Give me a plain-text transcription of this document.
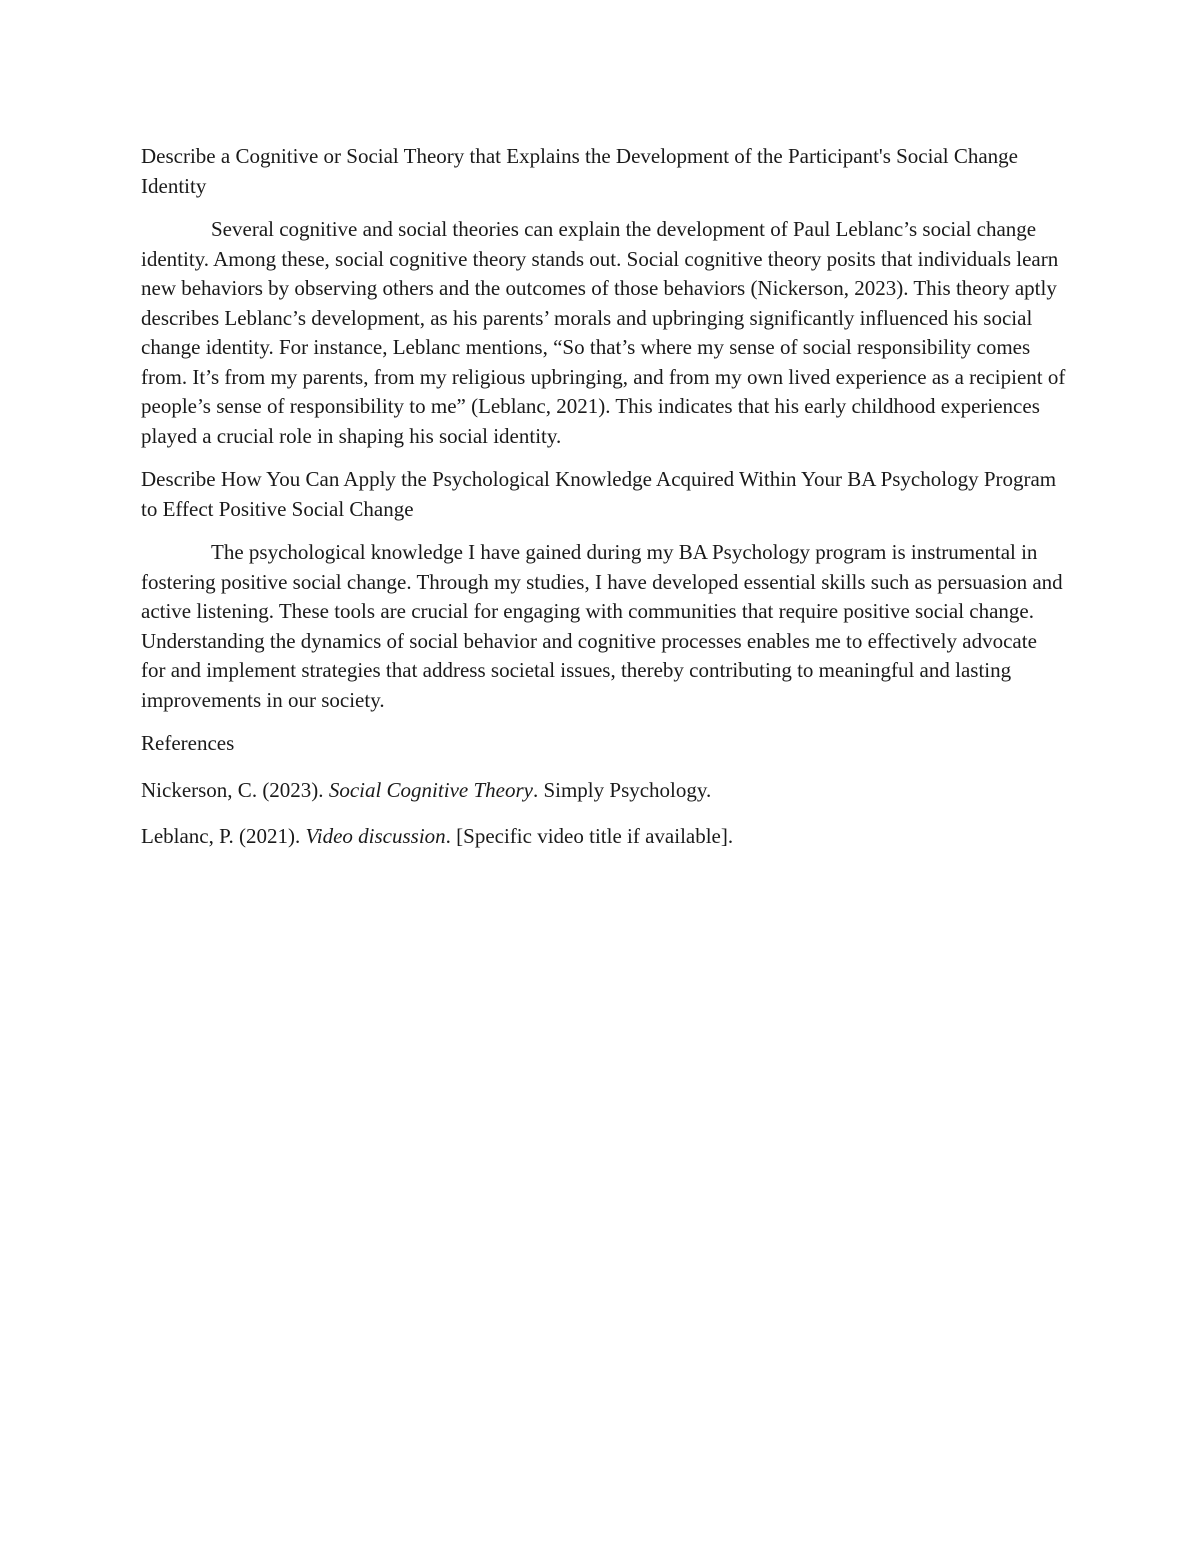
Describe a Cognitive or Social Theory that Explains the Development of the Participant's Social Change Identity

Several cognitive and social theories can explain the development of Paul Leblanc’s social change identity. Among these, social cognitive theory stands out. Social cognitive theory posits that individuals learn new behaviors by observing others and the outcomes of those behaviors (Nickerson, 2023). This theory aptly describes Leblanc’s development, as his parents’ morals and upbringing significantly influenced his social change identity. For instance, Leblanc mentions, “So that’s where my sense of social responsibility comes from. It’s from my parents, from my religious upbringing, and from my own lived experience as a recipient of people’s sense of responsibility to me” (Leblanc, 2021). This indicates that his early childhood experiences played a crucial role in shaping his social identity.

Describe How You Can Apply the Psychological Knowledge Acquired Within Your BA Psychology Program to Effect Positive Social Change

The psychological knowledge I have gained during my BA Psychology program is instrumental in fostering positive social change. Through my studies, I have developed essential skills such as persuasion and active listening. These tools are crucial for engaging with communities that require positive social change. Understanding the dynamics of social behavior and cognitive processes enables me to effectively advocate for and implement strategies that address societal issues, thereby contributing to meaningful and lasting improvements in our society.

References

Nickerson, C. (2023). Social Cognitive Theory. Simply Psychology.

Leblanc, P. (2021). Video discussion. [Specific video title if available].
